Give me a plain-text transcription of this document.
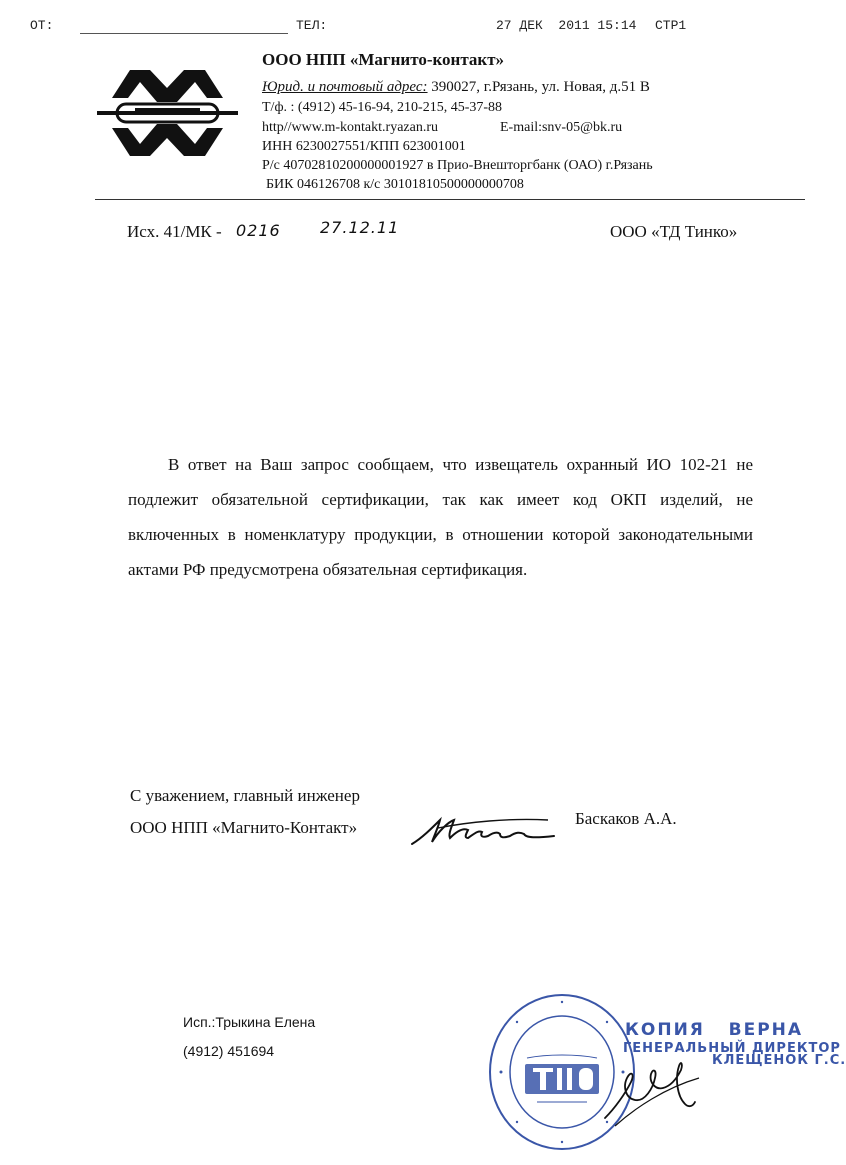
ОТ:	ТЕЛ:	27 ДЕК  2011 15:14 СТР1
ООО НПП «Магнито-контакт»
Юрид. и почтовый адрес: 390027, г.Рязань, ул. Новая, д.51 В
Т/ф. : (4912) 45-16-94, 210-215, 45-37-88
http//www.m-kontakt.ryazan.ru	E-mail:snv-05@bk.ru
ИНН 6230027551/КПП 623001001
Р/с 40702810200000001927 в Прио-Внешторгбанк (ОАО) г.Рязань
БИК 046126708 к/с 30101810500000000708
Исх. 41/МК - 0216 27.12.11	ООО «ТД Тинко»
В ответ на Ваш запрос сообщаем, что извещатель охранный ИО 102-21 не подлежит обязательной сертификации, так как имеет код ОКП изделий, не включенных в номенклатуру продукции, в отношении которой законодательными актами РФ предусмотрена обязательная сертификация.
С уважением, главный инженер
ООО НПП «Магнито-Контакт»	Баскаков А.А.
Исп.:Трыкина Елена
(4912) 451694
КОПИЯ   ВЕРНА
ГЕНЕРАЛЬНЫЙ ДИРЕКТОР
КЛЕЩЕНОК Г.С.
